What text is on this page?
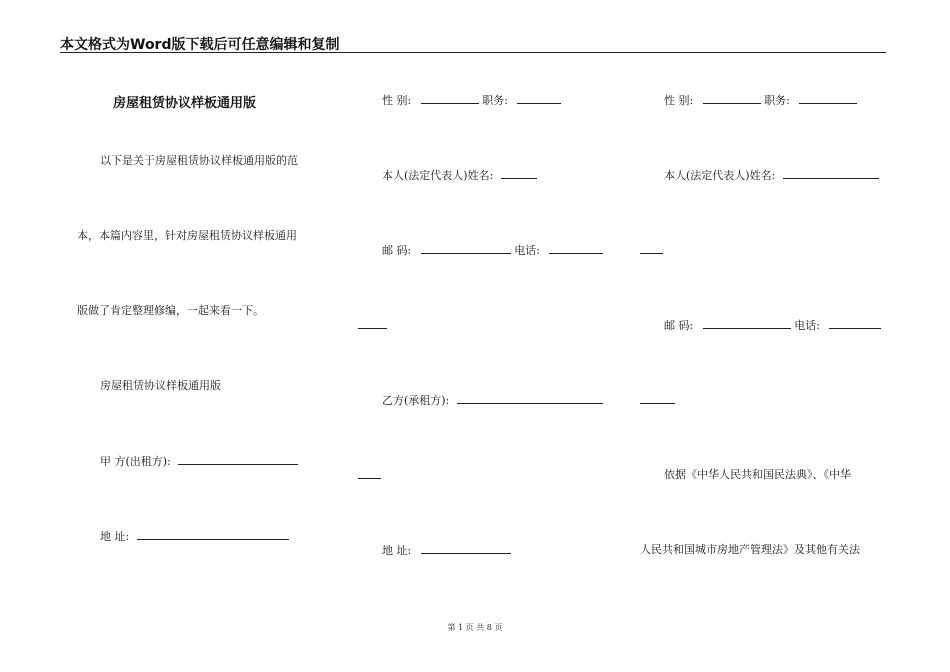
本文格式为Word版下载后可任意编辑和复制
房屋租赁协议样板通用版
以下是关于房屋租赁协议样板通用版的范
本，本篇内容里，针对房屋租赁协议样板通用
版做了肯定整理修编，一起来看一下。
房屋租赁协议样板通用版
甲 方(出租方):
地 址:
性 别:	职务:
本人(法定代表人)姓名:
邮 码:	电话:
乙方(承租方):
地 址:
性 别:	职务:
本人(法定代表人)姓名:
邮 码:	电话:
依据《中华人民共和国民法典》、《中华
人民共和国城市房地产管理法》及其他有关法
第 1 页 共 8 页
